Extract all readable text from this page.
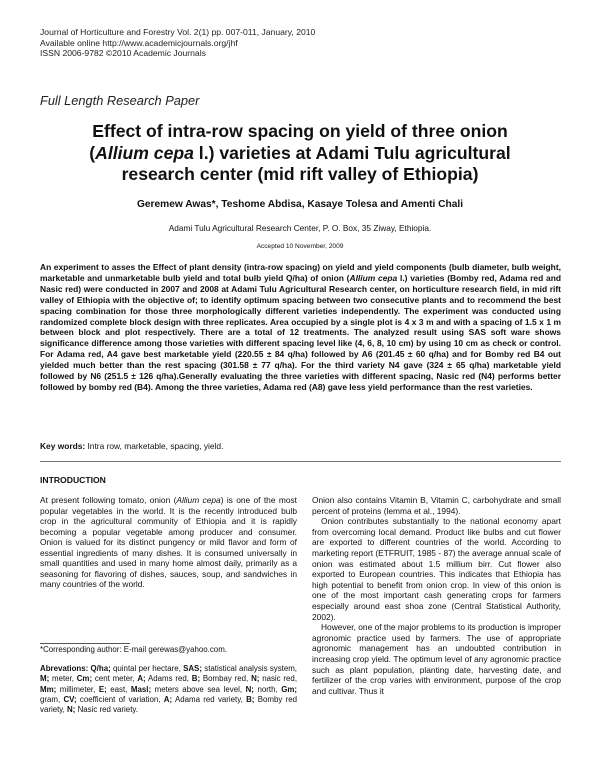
Journal of Horticulture and Forestry Vol. 2(1) pp. 007-011, January, 2010
Available online http://www.academicjournals.org/jhf
ISSN 2006-9782 ©2010 Academic Journals
Full Length Research Paper
Effect of intra-row spacing on yield of three onion
(Allium cepa l.) varieties at Adami Tulu agricultural
research center (mid rift valley of Ethiopia)
Geremew Awas*, Teshome Abdisa, Kasaye Tolesa and Amenti Chali
Adami Tulu Agricultural Research Center, P. O. Box, 35 Ziway, Ethiopia.
Accepted 10 November, 2009
An experiment to asses the Effect of plant density (intra-row spacing) on yield and yield components (bulb diameter, bulb weight, marketable and unmarketable bulb yield and total bulb yield Q/ha) of onion (Allium cepa l.) varieties (Bomby red, Adama red and Nasic red) were conducted in 2007 and 2008 at Adami Tulu Agricultural Research center, on horticulture research field, in mid rift valley of Ethiopia with the objective of; to identify optimum spacing between two consecutive plants and to recommend the best spacing combination for those three morphologically different varieties independently. The experiment was conducted using randomized complete block design with three replicates. Area occupied by a single plot is 4 x 3 m and with a spacing of 1.5 x 1 m between block and plot respectively. There are a total of 12 treatments. The analyzed result using SAS soft ware shows significance difference among those varieties with different spacing level like (4, 6, 8, 10 cm) by using 10 cm as check or control. For Adama red, A4 gave best marketable yield (220.55 ± 84 q/ha) followed by A6 (201.45 ± 60 q/ha) and for Bomby red B4 out yielded much better than the rest spacing (301.58 ± 77 q/ha). For the third variety N4 gave (324 ± 65 q/ha) marketable yield followed by N6 (251.5 ± 126 q/ha).Generally evaluating the three varieties with different spacing, Nasic red (N4) performs better followed by bomby red (B4). Among the three varieties, Adama red (A8) gave less yield performance than the rest varieties.
Key words: Intra row, marketable, spacing, yield.
INTRODUCTION

At present following tomato, onion (Allium cepa) is one of the most popular vegetables in the world. It is the recently introduced bulb crop in the agricultural community of Ethiopia and it is rapidly becoming a popular vegetable among producer and consumer. Onion is valued for its distinct pungency or mild flavor and form of essential ingredients of many dishes. It is consumed universally in small quantities and used in many home almost daily, primarily as a seasoning for flavoring of dishes, sauces, soup, and sandwiches in many countries of the world.

Onion also contains Vitamin B, Vitamin C, carbohydrate and small percent of proteins (lemma et al., 1994).

Onion contributes substantially to the national economy apart from overcoming local demand. Product like bulbs and cut flower are exported to different countries of the world. According to marketing report (ETFRUIT, 1985 - 87) the average annual scale of onion was estimated about 1.5 millium birr. Cut flower also exported to European countries. This indicates that Ethiopia has high potential to benefit from onion crop. In view of this onion is one of the most important cash generating crops for farmers especially around east shoa zone (Central Statistical Authority, 2002).

However, one of the major problems to its production is improper agronomic practice used by farmers. The use of appropriate agronomic management has an undoubted contribution in increasing crop yield. The optimum level of any agronomic practice such as plant population, planting date, harvesting date, and fertilizer of the crop varies with environment, purpose of the crop and cultivar. Thus it

*Corresponding author: E-mail gerewas@yahoo.com.
Abrevations: Q/ha; quintal per hectare, SAS; statistical analysis system, M; meter, Cm; cent meter, A; Adams red, B; Bombay red, N; nasic red, Mm; millimeter, E; east, Masl; meters above sea level, N; north, Gm; gram, CV; coefficient of variation, A; Adama red variety, B; Bomby red variety, N; Nasic red variety.
